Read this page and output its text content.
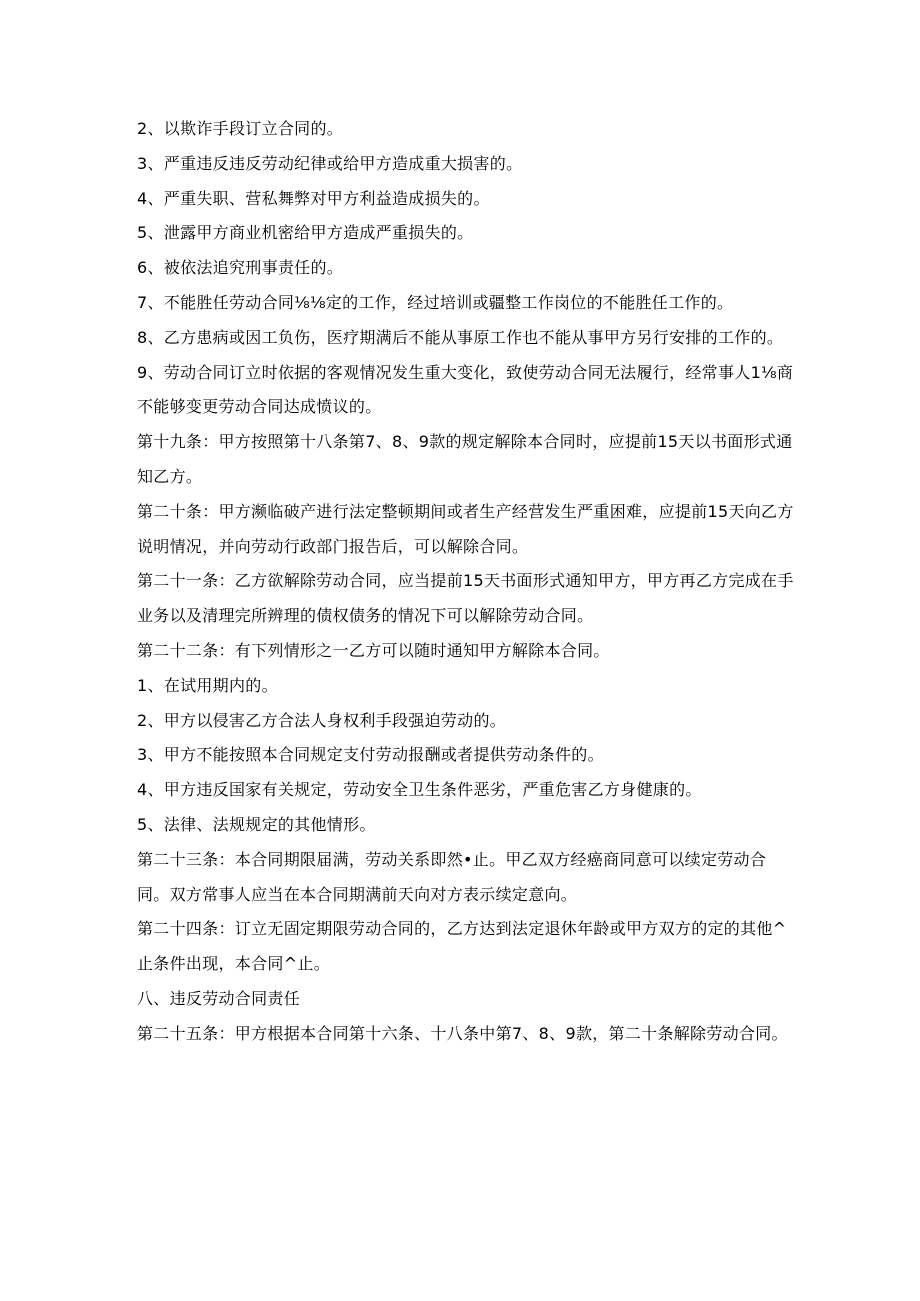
2、以欺诈手段订立合同的。

3、严重违反违反劳动纪律或给甲方造成重大损害的。

4、严重失职、营私舞弊对甲方利益造成损失的。

5、泄露甲方商业机密给甲方造成严重损失的。

6、被依法追究刑事责任的。

7、不能胜任劳动合同⅛⅛定的工作，经过培训或疆整工作岗位的不能胜任工作的。

8、乙方患病或因工负伤，医疗期满后不能从事原工作也不能从事甲方另行安排的工作的。

9、劳动合同订立时依据的客观情况发生重大变化，致使劳动合同无法履行，经常事人1⅛商不能够变更劳动合同达成愤议的。

第十九条：甲方按照第十八条第7、8、9款的规定解除本合同时，应提前15天以书面形式通知乙方。

第二十条：甲方濒临破产进行法定整顿期间或者生产经营发生严重困难，应提前15天向乙方说明情况，并向劳动行政部门报告后，可以解除合同。

第二十一条：乙方欲解除劳动合同，应当提前15天书面形式通知甲方，甲方再乙方完成在手业务以及清理完所辨理的债权债务的情况下可以解除劳动合同。

第二十二条：有下列情形之一乙方可以随时通知甲方解除本合同。

1、在试用期内的。

2、甲方以侵害乙方合法人身权利手段强迫劳动的。

3、甲方不能按照本合同规定支付劳动报酬或者提供劳动条件的。

4、甲方违反国家有关规定，劳动安全卫生条件恶劣，严重危害乙方身健康的。

5、法律、法规规定的其他情形。

第二十三条：本合同期限届满，劳动关系即然•止。甲乙双方经癌商同意可以续定劳动合同。双方常事人应当在本合同期满前天向对方表示续定意向。

第二十四条：订立无固定期限劳动合同的，乙方达到法定退休年龄或甲方双方的定的其他^止条件出现，本合同^止。

八、违反劳动合同责任

第二十五条：甲方根据本合同第十六条、十八条中第7、8、9款，第二十条解除劳动合同。
